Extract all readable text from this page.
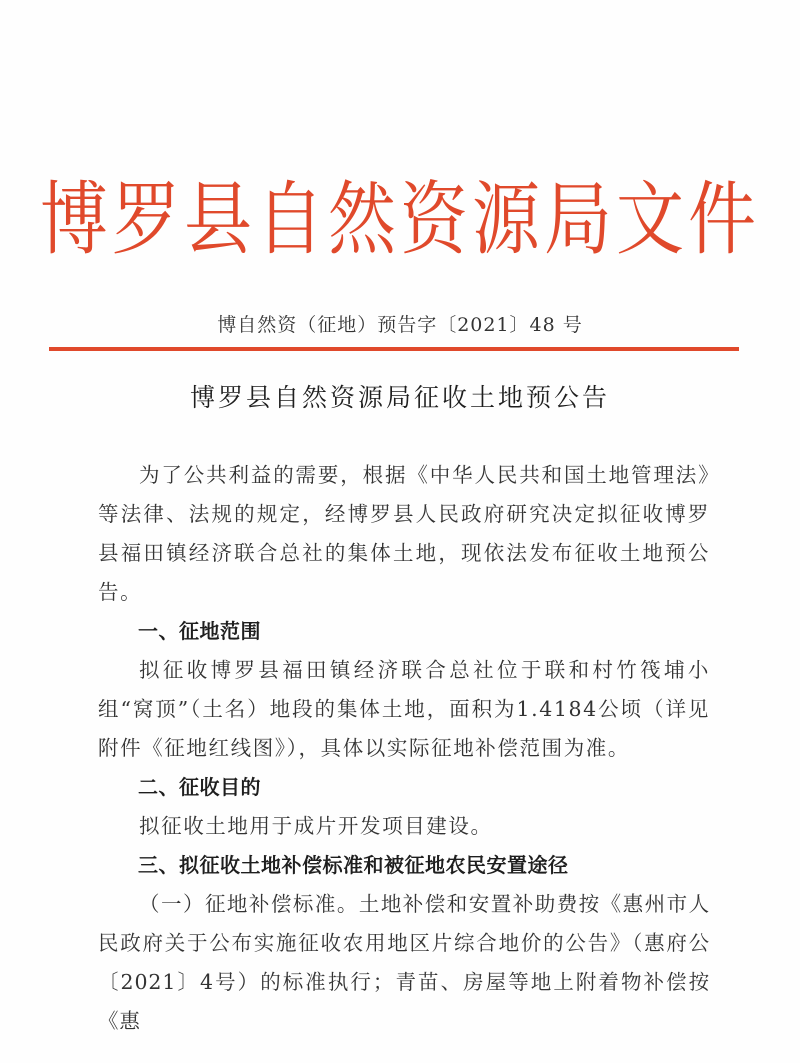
博罗县自然资源局文件
博自然资（征地）预告字〔2021〕48 号
博罗县自然资源局征收土地预公告

为了公共利益的需要，根据《中华人民共和国土地管理法》等法律、法规的规定，经博罗县人民政府研究决定拟征收博罗县福田镇经济联合总社的集体土地，现依法发布征收土地预公告。

一、征地范围

拟征收博罗县福田镇经济联合总社位于联和村竹筏埔小组“窝顶”（土名）地段的集体土地，面积为1.4184公顷（详见附件《征地红线图》），具体以实际征地补偿范围为准。

二、征收目的

拟征收土地用于成片开发项目建设。

三、拟征收土地补偿标准和被征地农民安置途径

（一）征地补偿标准。土地补偿和安置补助费按《惠州市人民政府关于公布实施征收农用地区片综合地价的公告》（惠府公〔2021〕4号）的标准执行；青苗、房屋等地上附着物补偿按《惠
